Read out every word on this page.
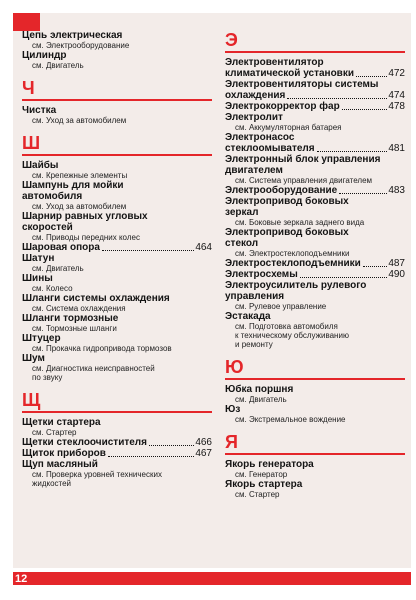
Цепь электрическая
см. Электрооборудование
Цилиндр
см. Двигатель
Ч
Чистка
см. Уход за автомобилем
Ш
Шайбы
см. Крепежные элементы
Шампунь для мойки
автомобиля
см. Уход за автомобилем
Шарнир равных угловых
скоростей
см. Приводы передних колес
Шаровая опора	464
Шатун
см. Двигатель
Шины
см. Колесо
Шланги системы охлаждения
см. Система охлаждения
Шланги тормозные
см. Тормозные шланги
Штуцер
см. Прокачка гидропривода тормозов
Шум
см. Диагностика неисправностей
по звуку
Щ
Щетки стартера
см. Стартер
Щетки стеклоочистителя	466
Щиток приборов	467
Щуп масляный
см. Проверка уровней технических
жидкостей
Э
Электровентилятор
климатической установки	472
Электровентиляторы системы
охлаждения	474
Электрокорректор фар	478
Электролит
см. Аккумуляторная батарея
Электронасос
стеклоомывателя	481
Электронный блок управления
двигателем
см. Система управления двигателем
Электрооборудование	483
Электропривод боковых
зеркал
см. Боковые зеркала заднего вида
Электропривод боковых
стекол
см. Электростеклоподъемники
Электростеклоподъемники	487
Электросхемы	490
Электроусилитель рулевого
управления
см. Рулевое управление
Эстакада
см. Подготовка автомобиля
к техническому обслуживанию
и ремонту
Ю
Юбка поршня
см. Двигатель
Юз
см. Экстремальное вождение
Я
Якорь генератора
см. Генератор
Якорь стартера
см. Стартер
12
